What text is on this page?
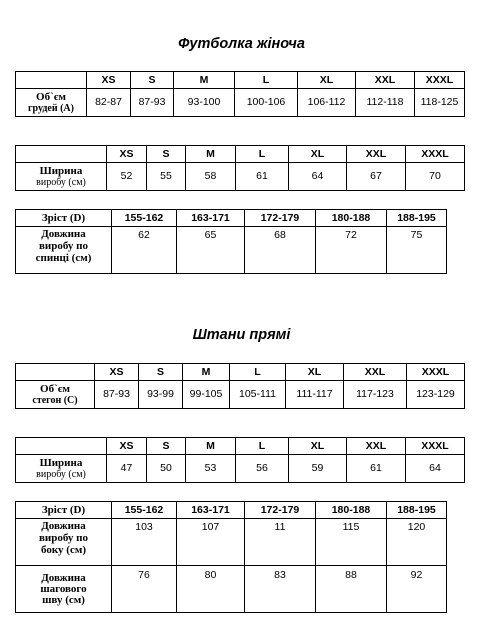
Футболка жіноча
	XS	S	M	L	XL	XXL	XXXL

Об`єм
грудей (А)	82-87	87-93	93-100	100-106	106-112	112-118	118-125
	XS	S	M	L	XL	XXL	XXXL

Ширина
виробу (см)	52	55	58	61	64	67	70
Зріст (D)	155-162	163-171	172-179	180-188	188-195

Довжина
виробу по
спинці (см)	62	65	68	72	75
Штани прямі
	XS	S	M	L	XL	XXL	XXXL

Об`єм
стегон (С)	87-93	93-99	99-105	105-111	111-117	117-123	123-129
	XS	S	M	L	XL	XXL	XXXL

Ширина
виробу (см)	47	50	53	56	59	61	64
Зріст (D)	155-162	163-171	172-179	180-188	188-195

Довжина
виробу по
боку (см)	103	107	11	115	120

Довжина
шагового
шву (см)	76	80	83	88	92
